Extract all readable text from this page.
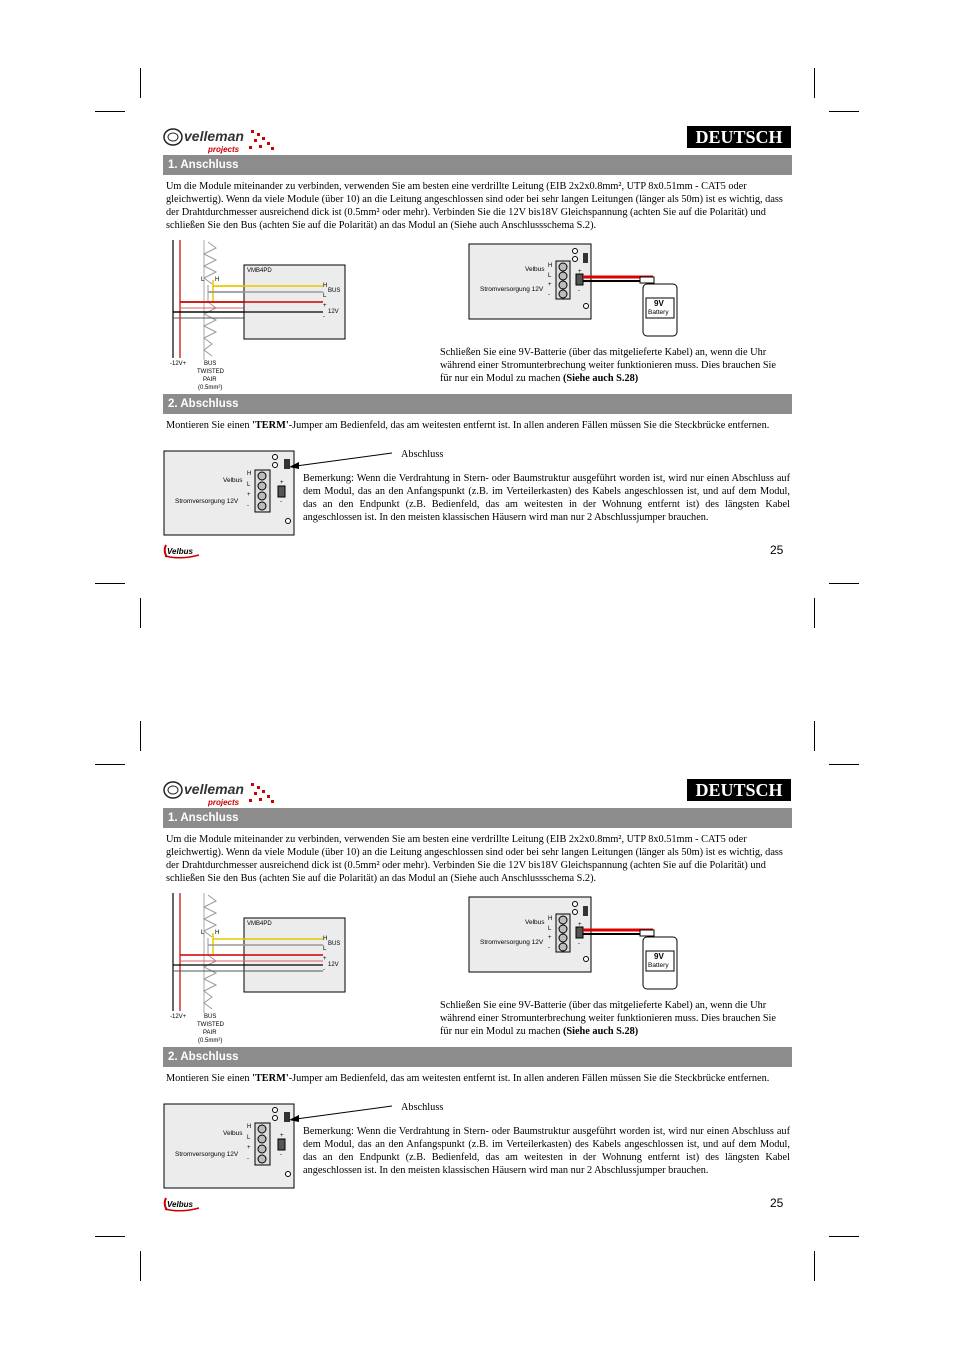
velleman
projects
DEUTSCH
1. Anschluss
Um die Module miteinander zu verbinden, verwenden Sie am besten eine verdrillte Leitung (EIB 2x2x0.8mm², UTP 8x0.51mm - CAT5 oder gleichwertig). Wenn da viele Module (über 10) an die Leitung angeschlossen sind oder bei sehr langen Leitungen (länger als 50m) ist es wichtig, dass der Drahtdurchmesser ausreichend dick ist (0.5mm² oder mehr). Verbinden Sie die 12V bis18V Gleichspannung (achten Sie auf die Polarität) und schließen Sie den Bus (achten Sie auf die Polarität) an das Modul an (Siehe auch Anschlussschema S.2).
VMB4PD
H
L
BUS
+
-
12V
L H
-12V+	BUS
TWISTED
PAIR
(0.5mm²)
Velbus
Stromversorgung 12V
H
L
+
-
+
-
9V
Battery
Schließen Sie eine 9V-Batterie (über das mitgelieferte Kabel) an, wenn die Uhr während einer Stromunterbrechung weiter funktionieren muss. Dies brauchen Sie für nur ein Modul zu machen (Siehe auch S.28)
2. Abschluss
Montieren Sie einen 'TERM'-Jumper am Bedienfeld, das am weitesten entfernt ist. In allen anderen Fällen müssen Sie die Steckbrücke entfernen.
Velbus
Stromversorgung 12V
H
L
+
-
+
-
Abschluss
Bemerkung: Wenn die Verdrahtung in Stern- oder Baumstruktur ausgeführt worden ist, wird nur einen Abschluss auf dem Modul, das an den Anfangspunkt (z.B. im Verteilerkasten) des Kabels angeschlossen ist, und auf dem Modul, das an den Endpunkt (z.B. Bedienfeld, das am weitesten in der Wohnung entfernt ist) des längsten Kabel angeschlossen ist. In den meisten klassischen Häusern wird man nur 2 Abschlussjumper brauchen.
Velbus	25
velleman
projects
DEUTSCH
1. Anschluss
Um die Module miteinander zu verbinden, verwenden Sie am besten eine verdrillte Leitung (EIB 2x2x0.8mm², UTP 8x0.51mm - CAT5 oder gleichwertig). Wenn da viele Module (über 10) an die Leitung angeschlossen sind oder bei sehr langen Leitungen (länger als 50m) ist es wichtig, dass der Drahtdurchmesser ausreichend dick ist (0.5mm² oder mehr). Verbinden Sie die 12V bis18V Gleichspannung (achten Sie auf die Polarität) und schließen Sie den Bus (achten Sie auf die Polarität) an das Modul an (Siehe auch Anschlussschema S.2).
VMB4PD
H
L
BUS
+
-
12V
L H
-12V+	BUS
TWISTED
PAIR
(0.5mm²)
Velbus
Stromversorgung 12V
H
L
+
-
+
-
9V
Battery
Schließen Sie eine 9V-Batterie (über das mitgelieferte Kabel) an, wenn die Uhr während einer Stromunterbrechung weiter funktionieren muss. Dies brauchen Sie für nur ein Modul zu machen (Siehe auch S.28)
2. Abschluss
Montieren Sie einen 'TERM'-Jumper am Bedienfeld, das am weitesten entfernt ist. In allen anderen Fällen müssen Sie die Steckbrücke entfernen.
Velbus
Stromversorgung 12V
H
L
+
-
+
-
Abschluss
Bemerkung: Wenn die Verdrahtung in Stern- oder Baumstruktur ausgeführt worden ist, wird nur einen Abschluss auf dem Modul, das an den Anfangspunkt (z.B. im Verteilerkasten) des Kabels angeschlossen ist, und auf dem Modul, das an den Endpunkt (z.B. Bedienfeld, das am weitesten in der Wohnung entfernt ist) des längsten Kabel angeschlossen ist. In den meisten klassischen Häusern wird man nur 2 Abschlussjumper brauchen.
Velbus	25
